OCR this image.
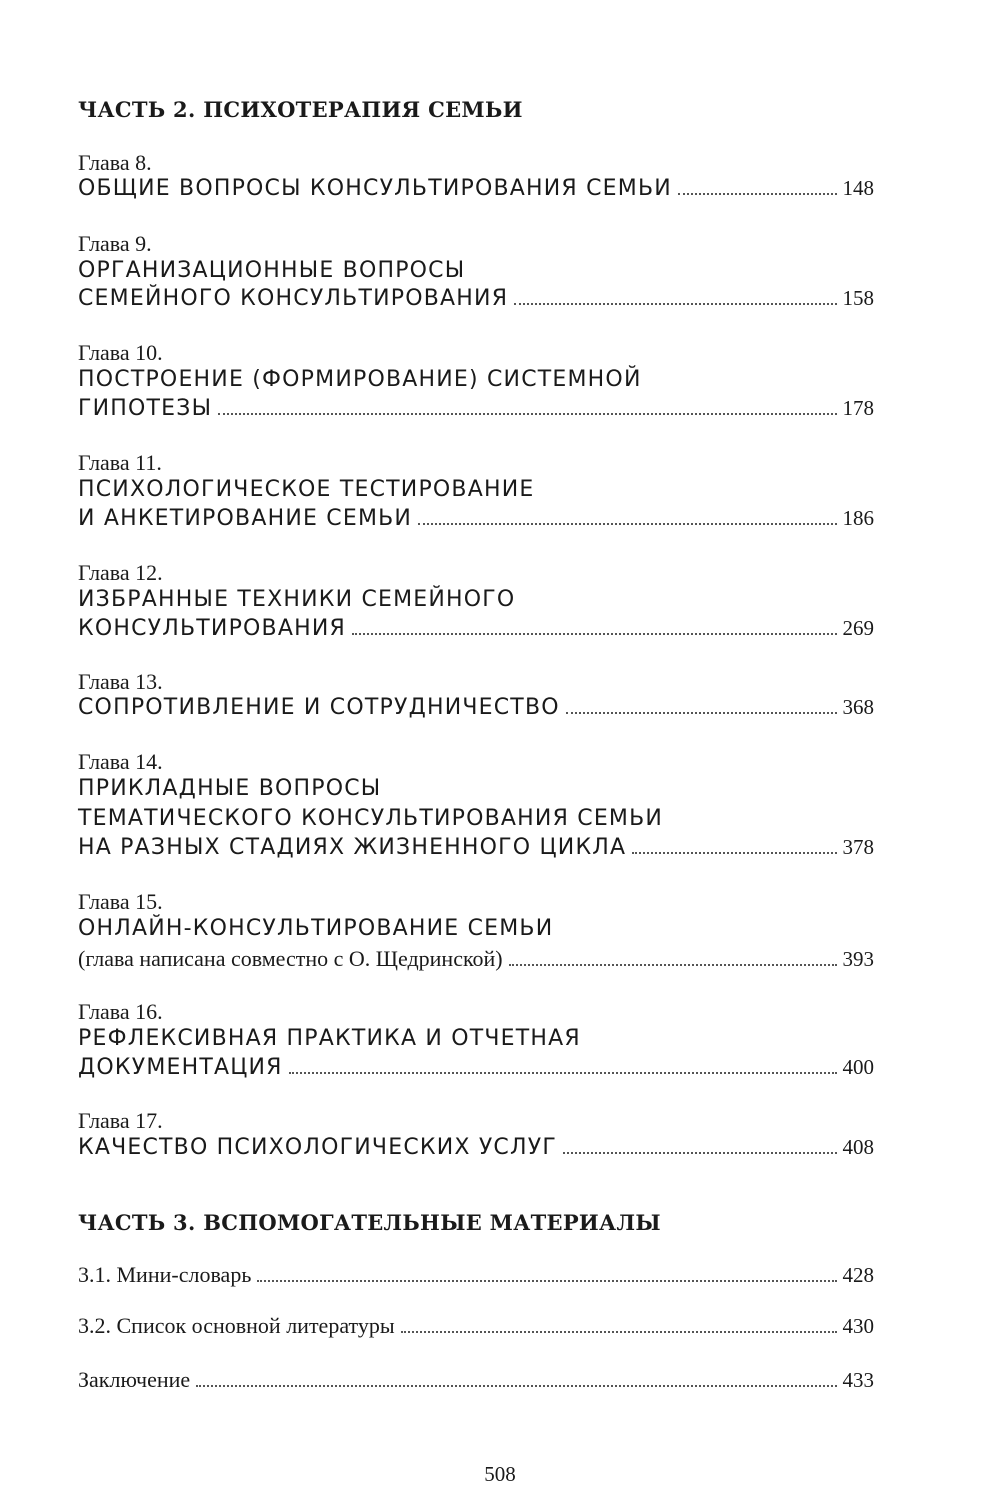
ЧАСТЬ 2. ПСИХОТЕРАПИЯ СЕМЬИ
Глава 8.
ОБЩИЕ ВОПРОСЫ КОНСУЛЬТИРОВАНИЯ СЕМЬИ	148
Глава 9.
ОРГАНИЗАЦИОННЫЕ ВОПРОСЫ
СЕМЕЙНОГО КОНСУЛЬТИРОВАНИЯ	158
Глава 10.
ПОСТРОЕНИЕ (ФОРМИРОВАНИЕ) СИСТЕМНОЙ
ГИПОТЕЗЫ	178
Глава 11.
ПСИХОЛОГИЧЕСКОЕ ТЕСТИРОВАНИЕ
И АНКЕТИРОВАНИЕ СЕМЬИ	186
Глава 12.
ИЗБРАННЫЕ ТЕХНИКИ СЕМЕЙНОГО
КОНСУЛЬТИРОВАНИЯ	269
Глава 13.
СОПРОТИВЛЕНИЕ И СОТРУДНИЧЕСТВО	368
Глава 14.
ПРИКЛАДНЫЕ ВОПРОСЫ
ТЕМАТИЧЕСКОГО КОНСУЛЬТИРОВАНИЯ СЕМЬИ
НА РАЗНЫХ СТАДИЯХ ЖИЗНЕННОГО ЦИКЛА	378
Глава 15.
ОНЛАЙН-КОНСУЛЬТИРОВАНИЕ СЕМЬИ
(глава написана совместно с О. Щедринской)	393
Глава 16.
РЕФЛЕКСИВНАЯ ПРАКТИКА И ОТЧЕТНАЯ
ДОКУМЕНТАЦИЯ	400
Глава 17.
КАЧЕСТВО ПСИХОЛОГИЧЕСКИХ УСЛУГ	408
ЧАСТЬ 3. ВСПОМОГАТЕЛЬНЫЕ МАТЕРИАЛЫ
3.1. Мини-словарь	428
3.2. Список основной литературы	430
Заключение	433
508
